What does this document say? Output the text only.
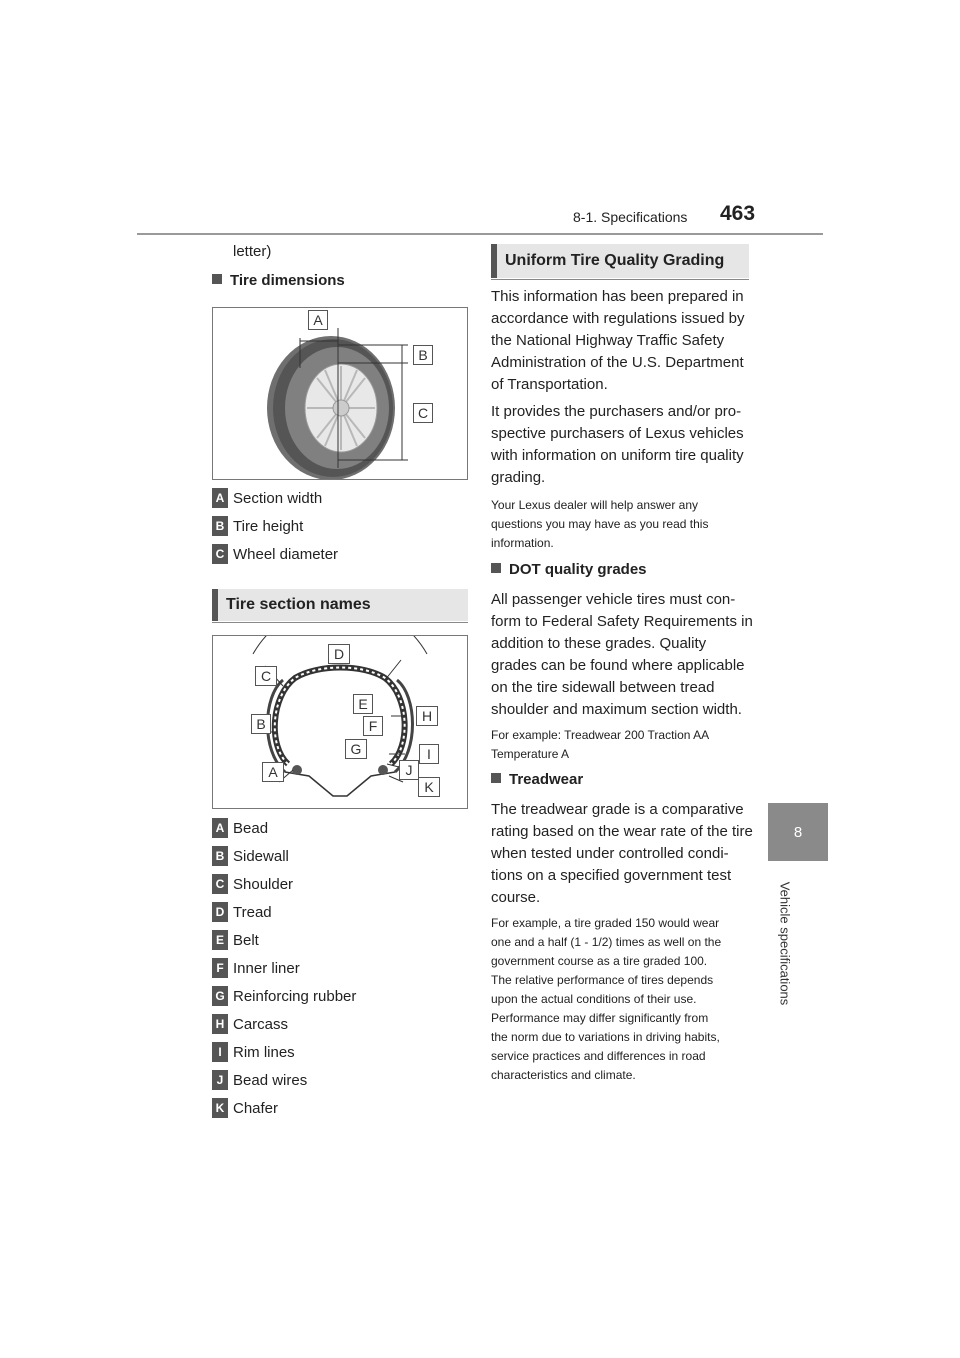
8-1. Specifications 463
8
Vehicle specifications
letter)
Tire dimensions
A
B
C
A Section width
B Tire height
C Wheel diameter
Tire section names
D
C
E
H
B	F
G	I
A	J
K
A Bead
B Sidewall
C Shoulder
D Tread
E Belt
F Inner liner
G Reinforcing rubber
H Carcass
I Rim lines
J Bead wires
K Chafer
Uniform Tire Quality Grading
This information has been prepared in
accordance with regulations issued by
the National Highway Traffic Safety
Administration of the U.S. Department
of Transportation.
It provides the purchasers and/or pro-
spective purchasers of Lexus vehicles
with information on uniform tire quality
grading.
Your Lexus dealer will help answer any
questions you may have as you read this
information.
DOT quality grades
All passenger vehicle tires must con-
form to Federal Safety Requirements in
addition to these grades. Quality
grades can be found where applicable
on the tire sidewall between tread
shoulder and maximum section width.
For example: Treadwear 200 Traction AA
Temperature A
Treadwear
The treadwear grade is a comparative
rating based on the wear rate of the tire
when tested under controlled condi-
tions on a specified government test
course.
For example, a tire graded 150 would wear
one and a half (1 - 1/2) times as well on the
government course as a tire graded 100.
The relative performance of tires depends
upon the actual conditions of their use.
Performance may differ significantly from
the norm due to variations in driving habits,
service practices and differences in road
characteristics and climate.
